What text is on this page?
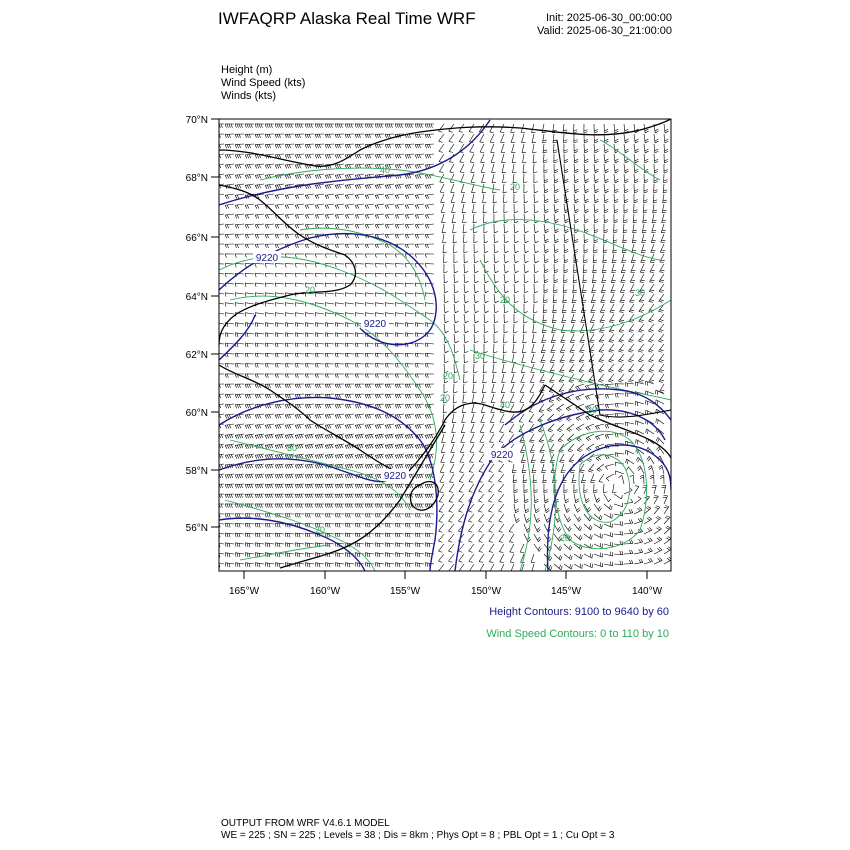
IWFAQRP Alaska Real Time WRF	Init: 2025-06-30_00:00:00
Valid: 2025-06-30_21:00:00
Height (m)
Wind Speed (kts)
Winds (kts)
70°N
68°N
66°N
64°N
62°N
60°N
58°N
56°N
165°W	160°W	155°W	150°W	145°W	140°W
9220
9220
9220
9220
40
20
20
30
30
20
20
20
30
20
20
20
40
Height Contours: 9100 to 9640 by 60
Wind Speed Contours: 0 to 110 by 10
OUTPUT FROM WRF V4.6.1 MODEL
WE = 225 ; SN = 225 ; Levels = 38 ; Dis = 8km ; Phys Opt = 8 ; PBL Opt = 1 ; Cu Opt = 3
